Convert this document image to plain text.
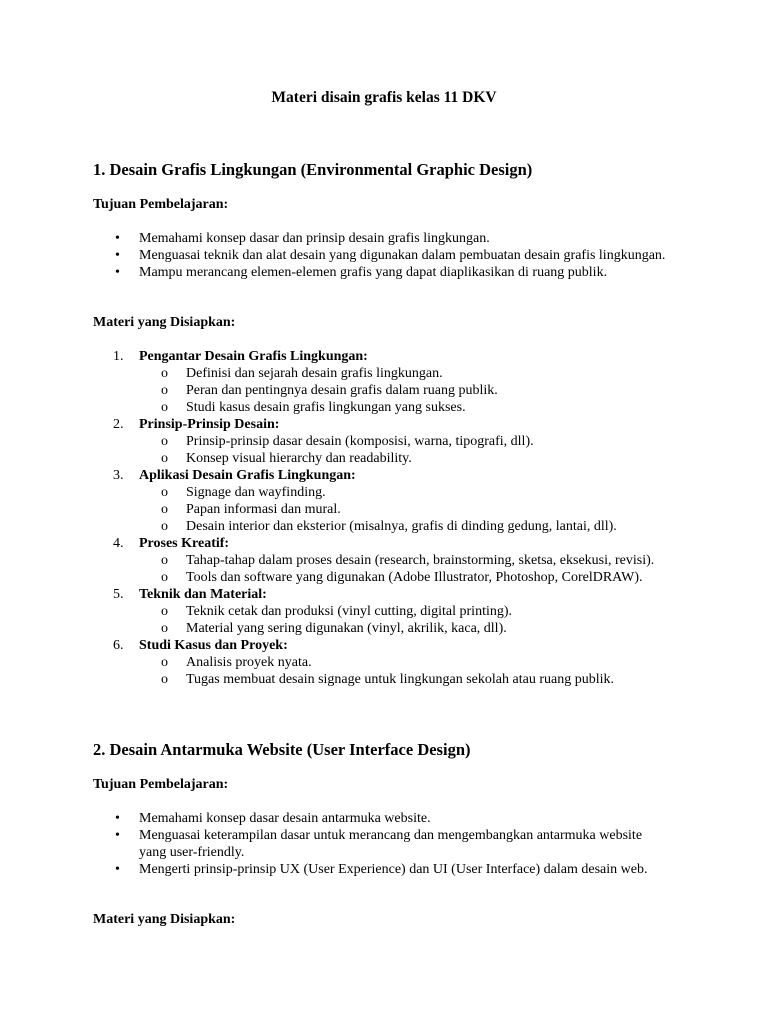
Materi disain grafis kelas 11 DKV
1. Desain Grafis Lingkungan (Environmental Graphic Design)
Tujuan Pembelajaran:
• Memahami konsep dasar dan prinsip desain grafis lingkungan.
• Menguasai teknik dan alat desain yang digunakan dalam pembuatan desain grafis lingkungan.
• Mampu merancang elemen-elemen grafis yang dapat diaplikasikan di ruang publik.
Materi yang Disiapkan:
1. Pengantar Desain Grafis Lingkungan:
o Definisi dan sejarah desain grafis lingkungan.
o Peran dan pentingnya desain grafis dalam ruang publik.
o Studi kasus desain grafis lingkungan yang sukses.
2. Prinsip-Prinsip Desain:
o Prinsip-prinsip dasar desain (komposisi, warna, tipografi, dll).
o Konsep visual hierarchy dan readability.
3. Aplikasi Desain Grafis Lingkungan:
o Signage dan wayfinding.
o Papan informasi dan mural.
o Desain interior dan eksterior (misalnya, grafis di dinding gedung, lantai, dll).
4. Proses Kreatif:
o Tahap-tahap dalam proses desain (research, brainstorming, sketsa, eksekusi, revisi).
o Tools dan software yang digunakan (Adobe Illustrator, Photoshop, CorelDRAW).
5. Teknik dan Material:
o Teknik cetak dan produksi (vinyl cutting, digital printing).
o Material yang sering digunakan (vinyl, akrilik, kaca, dll).
6. Studi Kasus dan Proyek:
o Analisis proyek nyata.
o Tugas membuat desain signage untuk lingkungan sekolah atau ruang publik.
2. Desain Antarmuka Website (User Interface Design)
Tujuan Pembelajaran:
• Memahami konsep dasar desain antarmuka website.
• Menguasai keterampilan dasar untuk merancang dan mengembangkan antarmuka website yang user-friendly.
• Mengerti prinsip-prinsip UX (User Experience) dan UI (User Interface) dalam desain web.
Materi yang Disiapkan:
